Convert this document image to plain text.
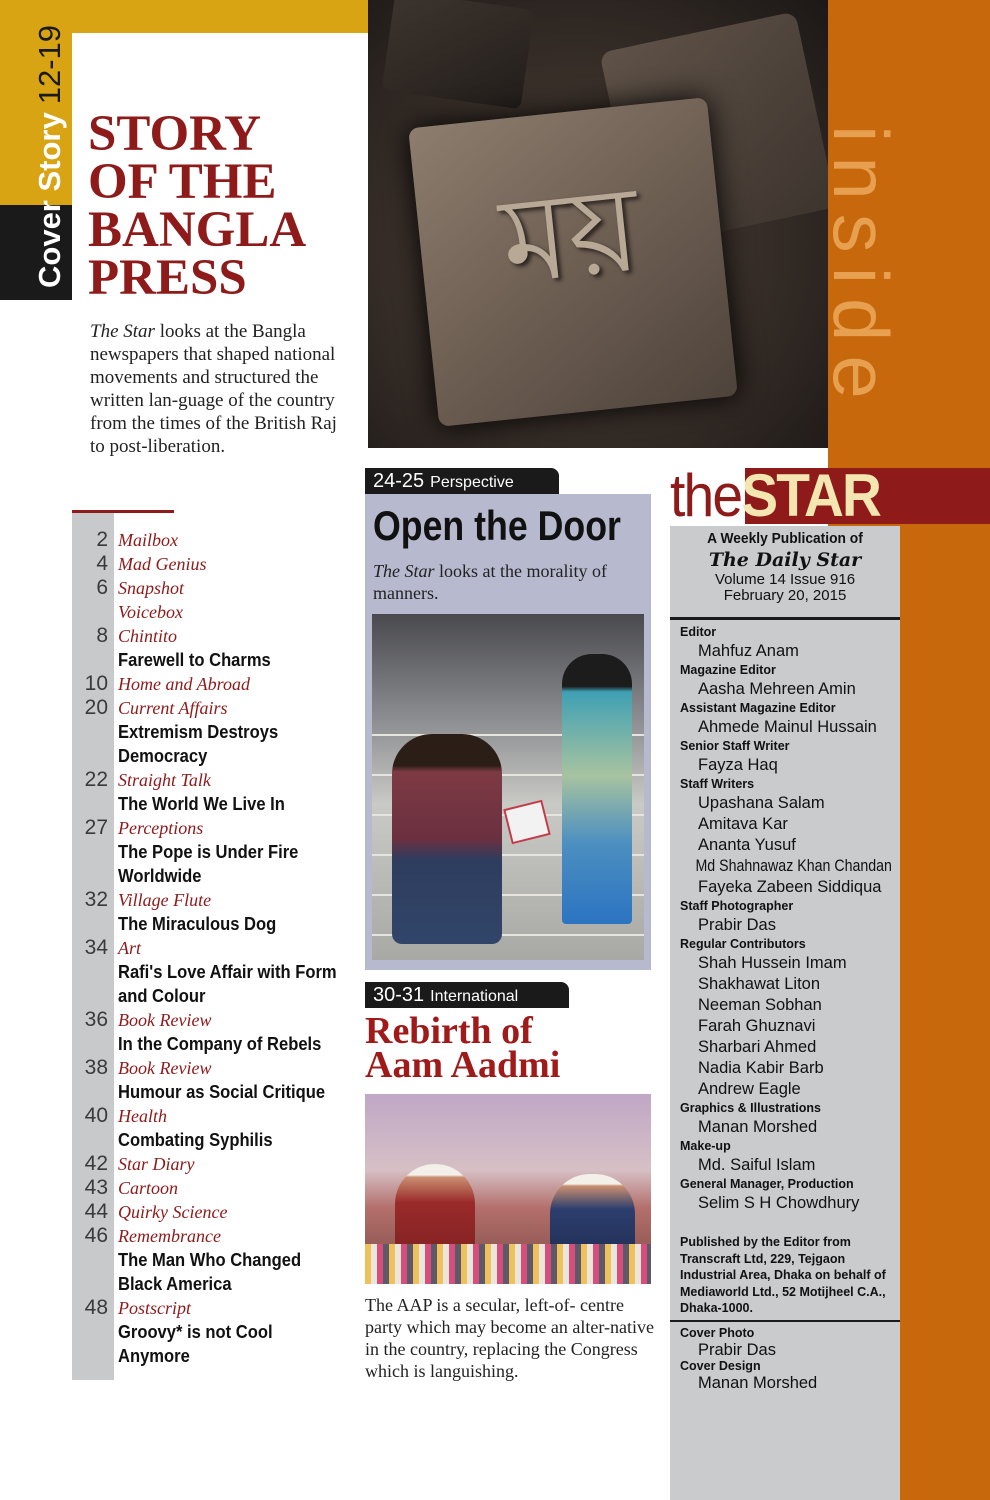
Cover Story12-19
STORY
OF THE
BANGLA
PRESS

The Star looks at the Bangla newspapers that shaped national movements and structured the written lan-guage of the country from the times of the British Raj to post-liberation.

2 Mailbox
4 Mad Genius
6 Snapshot
Voicebox
8 Chintito
Farewell to Charms
10 Home and Abroad
20 Current Affairs
Extremism Destroys
Democracy
22 Straight Talk
The World We Live In
27 Perceptions
The Pope is Under Fire
Worldwide
32 Village Flute
The Miraculous Dog
34 Art
Rafi's Love Affair with Form
and Colour
36 Book Review
In the Company of Rebels
38 Book Review
Humour as Social Critique
40 Health
Combating Syphilis
42 Star Diary
43 Cartoon
44 Quirky Science
46 Remembrance
The Man Who Changed
Black America
48 Postscript
Groovy* is not Cool
Anymore
ময়
24-25 Perspective
Open the Door

The Star looks at the morality of manners.

30-31 International
Rebirth of
Aam Aadmi

The AAP is a secular, left-of- centre party which may become an alter-native in the country, replacing the Congress which is languishing.

inside
theSTAR
A Weekly Publication of
The Daily Star
Volume 14 Issue 916
February 20, 2015
Editor
Mahfuz Anam
Magazine Editor
Aasha Mehreen Amin
Assistant Magazine Editor
Ahmede Mainul Hussain
Senior Staff Writer
Fayza Haq
Staff Writers
Upashana Salam
Amitava Kar
Ananta Yusuf
Md Shahnawaz Khan Chandan
Fayeka Zabeen Siddiqua
Staff Photographer
Prabir Das
Regular Contributors
Shah Hussein Imam
Shakhawat Liton
Neeman Sobhan
Farah Ghuznavi
Sharbari Ahmed
Nadia Kabir Barb
Andrew Eagle
Graphics & Illustrations
Manan Morshed
Make-up
Md. Saiful Islam
General Manager, Production
Selim S H Chowdhury

Published by the Editor from Transcraft Ltd, 229, Tejgaon Industrial Area, Dhaka on behalf of Mediaworld Ltd., 52 Motijheel C.A., Dhaka-1000.

Cover Photo
Prabir Das
Cover Design
Manan Morshed
